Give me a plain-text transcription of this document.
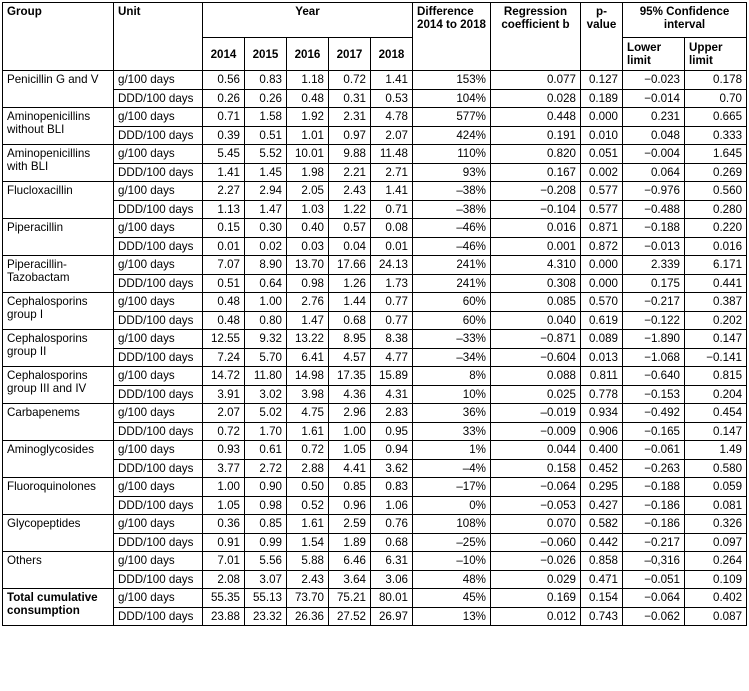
Group	Unit	Year					Difference 2014 to 2018	Regression coefficient b	p-value	95% Confidence interval	
		2014	2015	2016	2017	2018				Lower limit	Upper limit
Penicillin G and V	g/100 days	0.56	0.83	1.18	0.72	1.41	153%	0.077	0.127	−0.023	0.178
	DDD/100 days	0.26	0.26	0.48	0.31	0.53	104%	0.028	0.189	−0.014	0.70
Aminopenicillins without BLI	g/100 days	0.71	1.58	1.92	2.31	4.78	577%	0.448	0.000	0.231	0.665
	DDD/100 days	0.39	0.51	1.01	0.97	2.07	424%	0.191	0.010	0.048	0.333
Aminopenicillins with BLI	g/100 days	5.45	5.52	10.01	9.88	11.48	110%	0.820	0.051	−0.004	1.645
	DDD/100 days	1.41	1.45	1.98	2.21	2.71	93%	0.167	0.002	0.064	0.269
Flucloxacillin	g/100 days	2.27	2.94	2.05	2.43	1.41	–38%	−0.208	0.577	−0.976	0.560
	DDD/100 days	1.13	1.47	1.03	1.22	0.71	–38%	−0.104	0.577	−0.488	0.280
Piperacillin	g/100 days	0.15	0.30	0.40	0.57	0.08	–46%	0.016	0.871	−0.188	0.220
	DDD/100 days	0.01	0.02	0.03	0.04	0.01	–46%	0.001	0.872	−0.013	0.016
Piperacillin-Tazobactam	g/100 days	7.07	8.90	13.70	17.66	24.13	241%	4.310	0.000	2.339	6.171
	DDD/100 days	0.51	0.64	0.98	1.26	1.73	241%	0.308	0.000	0.175	0.441
Cephalosporins group I	g/100 days	0.48	1.00	2.76	1.44	0.77	60%	0.085	0.570	−0.217	0.387
	DDD/100 days	0.48	0.80	1.47	0.68	0.77	60%	0.040	0.619	−0.122	0.202
Cephalosporins group II	g/100 days	12.55	9.32	13.22	8.95	8.38	–33%	−0.871	0.089	−1.890	0.147
	DDD/100 days	7.24	5.70	6.41	4.57	4.77	–34%	−0.604	0.013	−1.068	−0.141
Cephalosporins group III and IV	g/100 days	14.72	11.80	14.98	17.35	15.89	8%	0.088	0.811	−0.640	0.815
	DDD/100 days	3.91	3.02	3.98	4.36	4.31	10%	0.025	0.778	−0.153	0.204
Carbapenems	g/100 days	2.07	5.02	4.75	2.96	2.83	36%	–0.019	0.934	−0.492	0.454
	DDD/100 days	0.72	1.70	1.61	1.00	0.95	33%	−0.009	0.906	−0.165	0.147
Aminoglycosides	g/100 days	0.93	0.61	0.72	1.05	0.94	1%	0.044	0.400	−0.061	1.49
	DDD/100 days	3.77	2.72	2.88	4.41	3.62	–4%	0.158	0.452	−0.263	0.580
Fluoroquinolones	g/100 days	1.00	0.90	0.50	0.85	0.83	–17%	−0.064	0.295	−0.188	0.059
	DDD/100 days	1.05	0.98	0.52	0.96	1.06	0%	−0.053	0.427	−0.186	0.081
Glycopeptides	g/100 days	0.36	0.85	1.61	2.59	0.76	108%	0.070	0.582	−0.186	0.326
	DDD/100 days	0.91	0.99	1.54	1.89	0.68	–25%	−0.060	0.442	−0.217	0.097
Others	g/100 days	7.01	5.56	5.88	6.46	6.31	–10%	−0.026	0.858	–0,316	0.264
	DDD/100 days	2.08	3.07	2.43	3.64	3.06	48%	0.029	0.471	−0.051	0.109
Total cumulative consumption	g/100 days	55.35	55.13	73.70	75.21	80.01	45%	0.169	0.154	−0.064	0.402
	DDD/100 days	23.88	23.32	26.36	27.52	26.97	13%	0.012	0.743	−0.062	0.087
